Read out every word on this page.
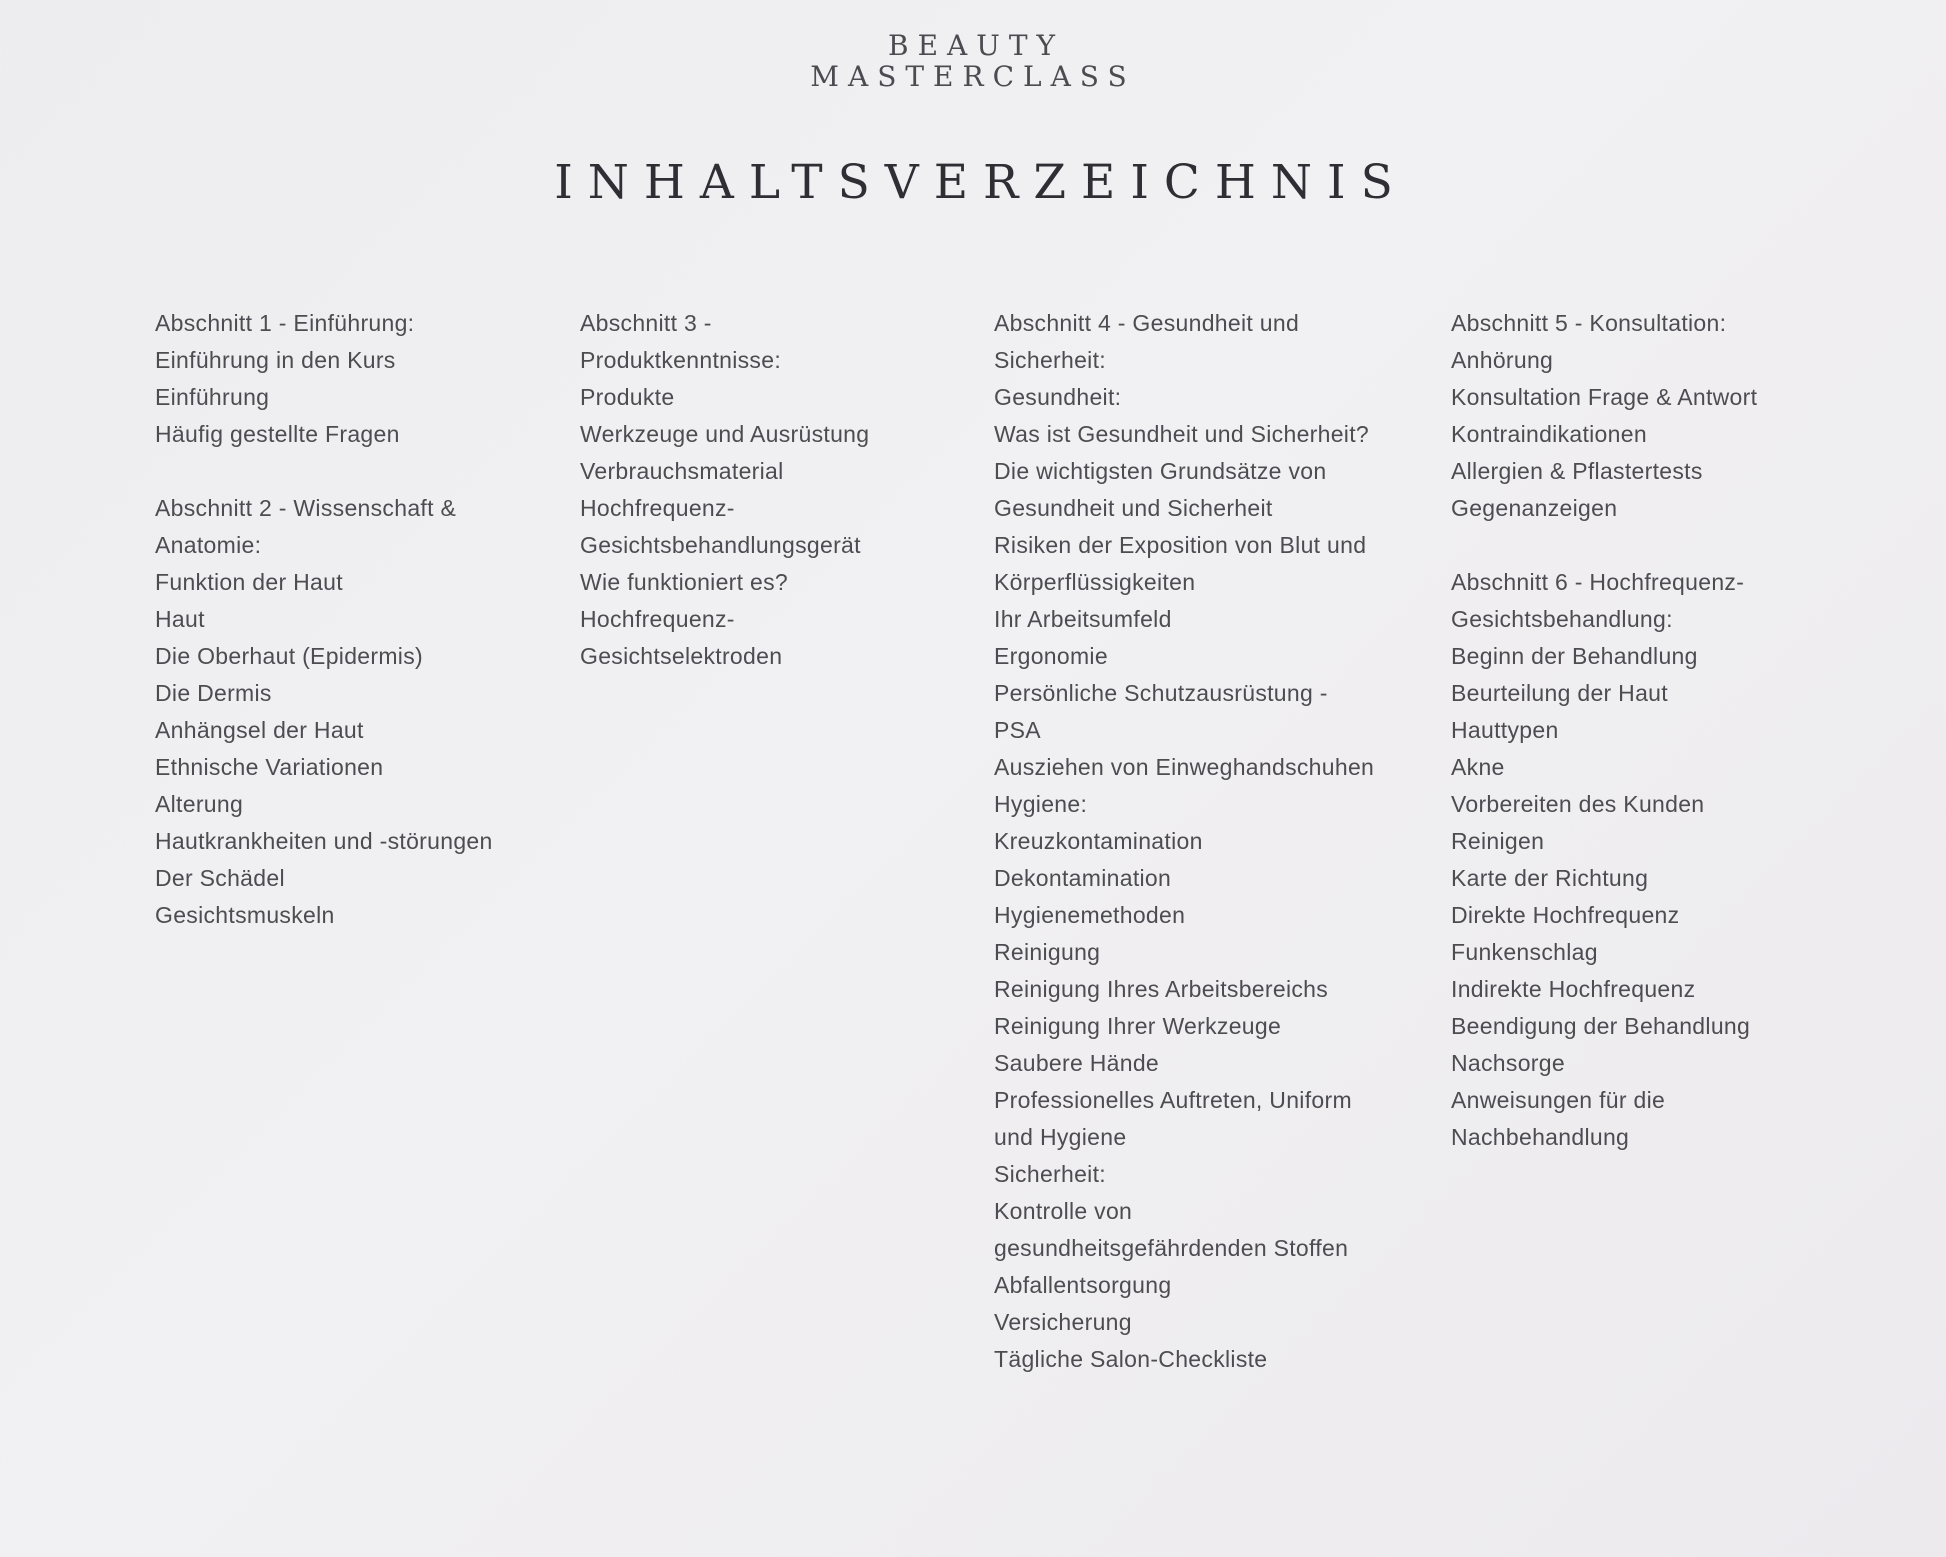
BEAUTY
MASTERCLASS
INHALTSVERZEICHNIS
Abschnitt 1 - Einführung:
Einführung in den Kurs
Einführung
Häufig gestellte Fragen
Abschnitt 2 - Wissenschaft &
Anatomie:
Funktion der Haut
Haut
Die Oberhaut (Epidermis)
Die Dermis
Anhängsel der Haut
Ethnische Variationen
Alterung
Hautkrankheiten und -störungen
Der Schädel
Gesichtsmuskeln
Abschnitt 3 -
Produktkenntnisse:
Produkte
Werkzeuge und Ausrüstung
Verbrauchsmaterial
Hochfrequenz-
Gesichtsbehandlungsgerät
Wie funktioniert es?
Hochfrequenz-
Gesichtselektroden
Abschnitt 4 - Gesundheit und
Sicherheit:
Gesundheit:
Was ist Gesundheit und Sicherheit?
Die wichtigsten Grundsätze von
Gesundheit und Sicherheit
Risiken der Exposition von Blut und
Körperflüssigkeiten
Ihr Arbeitsumfeld
Ergonomie
Persönliche Schutzausrüstung -
PSA
Ausziehen von Einweghandschuhen
Hygiene:
Kreuzkontamination
Dekontamination
Hygienemethoden
Reinigung
Reinigung Ihres Arbeitsbereichs
Reinigung Ihrer Werkzeuge
Saubere Hände
Professionelles Auftreten, Uniform
und Hygiene
Sicherheit:
Kontrolle von
gesundheitsgefährdenden Stoffen
Abfallentsorgung
Versicherung
Tägliche Salon-Checkliste
Abschnitt 5 - Konsultation:
Anhörung
Konsultation Frage & Antwort
Kontraindikationen
Allergien & Pflastertests
Gegenanzeigen
Abschnitt 6 - Hochfrequenz-
Gesichtsbehandlung:
Beginn der Behandlung
Beurteilung der Haut
Hauttypen
Akne
Vorbereiten des Kunden
Reinigen
Karte der Richtung
Direkte Hochfrequenz
Funkenschlag
Indirekte Hochfrequenz
Beendigung der Behandlung
Nachsorge
Anweisungen für die
Nachbehandlung
